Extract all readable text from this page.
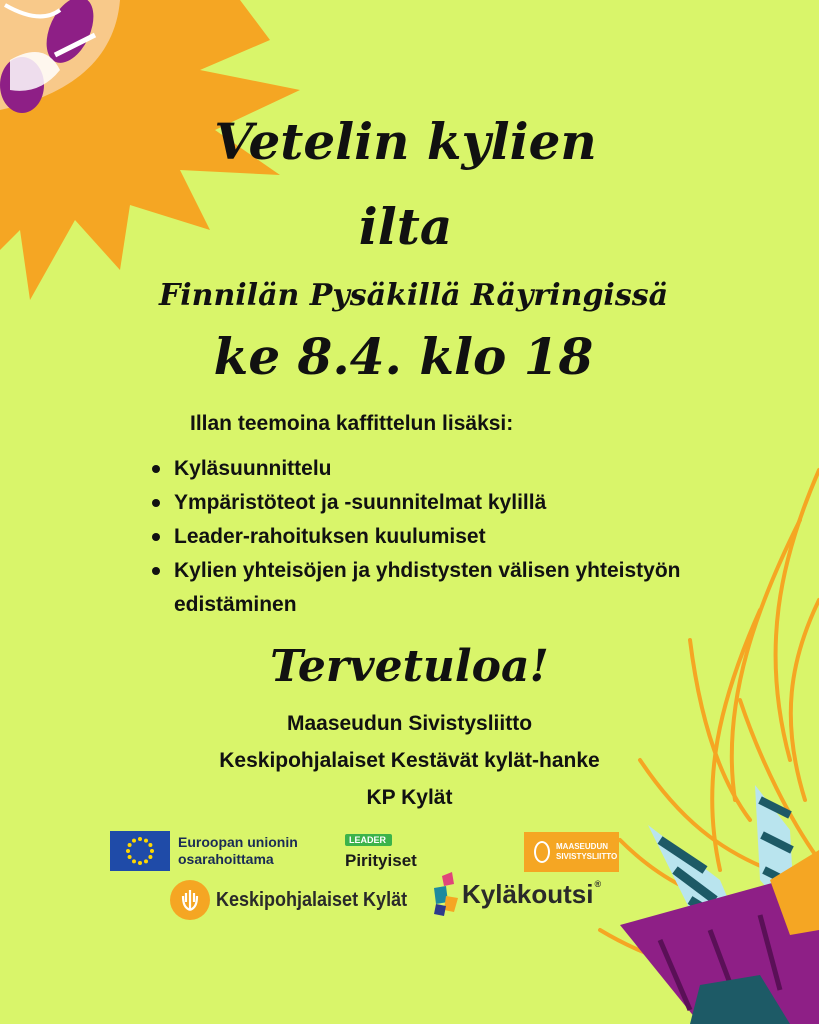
Vetelin kylien
ilta
Finnilän Pysäkillä Räyringissä
ke 8.4. klo 18

Illan teemoina kaffittelun lisäksi:

Kyläsuunnittelu
Ympäristöteot ja -suunnitelmat kylillä
Leader-rahoituksen kuulumiset
Kylien yhteisöjen ja yhdistysten välisen yhteistyön edistäminen
Tervetuloa!
Maaseudun Sivistysliitto
Keskipohjalaiset Kestävät kylät-hanke
KP Kylät
Euroopan unionin
osarahoittama
LEADER
Pirityiset
MAASEUDUN
SIVISTYSLIITTO
Keskipohjalaiset Kylät Kyläkoutsi®
